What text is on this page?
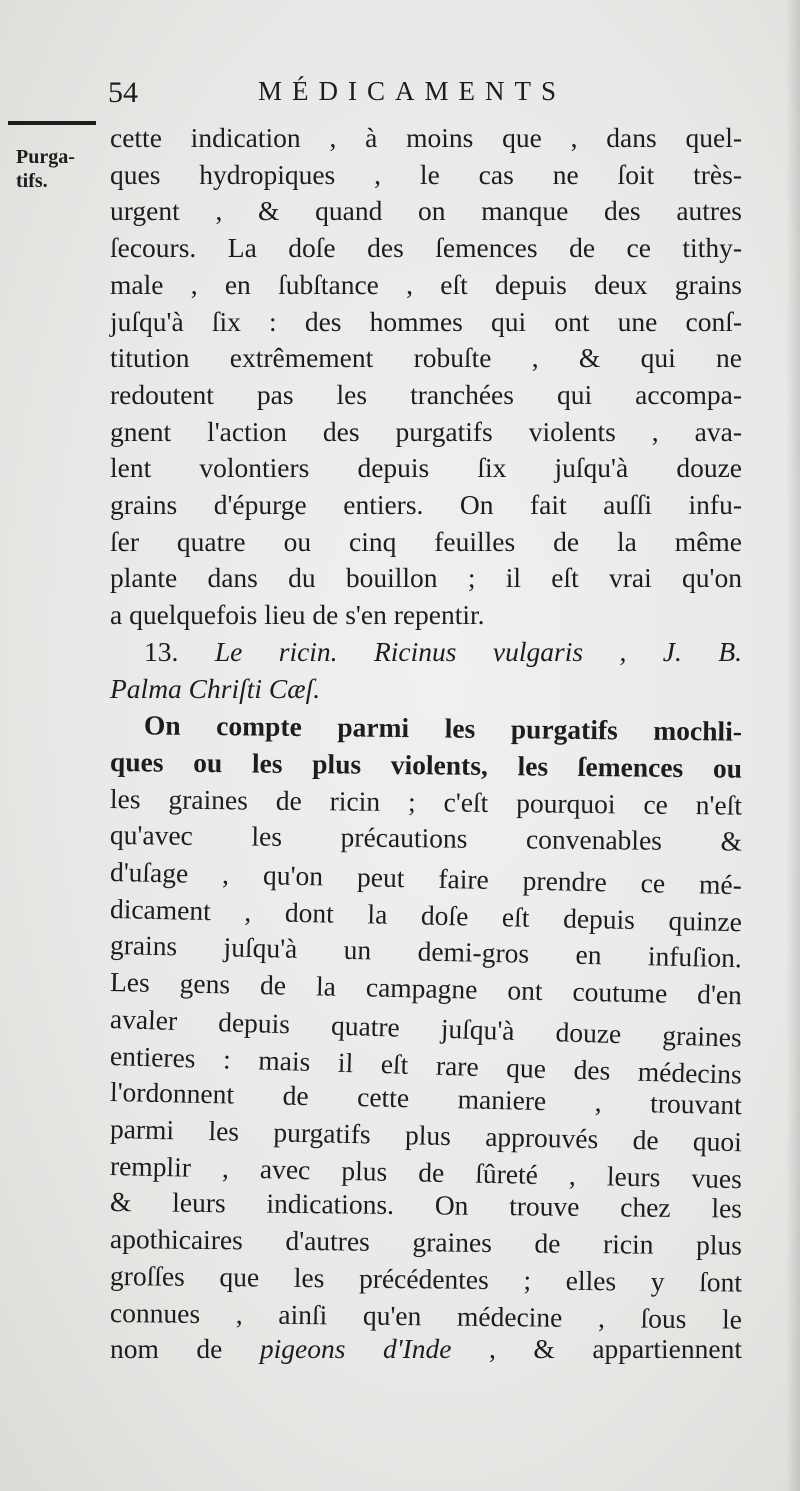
54	MÉDICAMENTS
Purga-
tifs.
cette indication , à moins que , dans quel-
ques hydropiques , le cas ne ſoit très-
urgent , & quand on manque des autres
ſecours. La doſe des ſemences de ce tithy-
male , en ſubſtance , eſt depuis deux grains
juſqu'à ſix : des hommes qui ont une conſ-
titution extrêmement robuſte , & qui ne
redoutent pas les tranchées qui accompa-
gnent l'action des purgatifs violents , ava-
lent volontiers depuis ſix juſqu'à douze
grains d'épurge entiers. On fait auſſi infu-
ſer quatre ou cinq feuilles de la même
plante dans du bouillon ; il eſt vrai qu'on
a quelquefois lieu de s'en repentir.
13. Le ricin. Ricinus vulgaris , J. B.
Palma Chriſti Cæſ.
On compte parmi les purgatifs mochli-
ques ou les plus violents, les ſemences ou
les graines de ricin ; c'eſt pourquoi ce n'eſt
qu'avec les précautions convenables &
d'uſage , qu'on peut faire prendre ce mé-
dicament , dont la doſe eſt depuis quinze
grains juſqu'à un demi-gros en infuſion.
Les gens de la campagne ont coutume d'en
avaler depuis quatre juſqu'à douze graines
entieres : mais il eſt rare que des médecins
l'ordonnent de cette maniere , trouvant
parmi les purgatifs plus approuvés de quoi
remplir , avec plus de ſûreté , leurs vues
& leurs indications. On trouve chez les
apothicaires d'autres graines de ricin plus
groſſes que les précédentes ; elles y ſont
connues , ainſi qu'en médecine , ſous le
nom de pigeons d'Inde , & appartiennent
